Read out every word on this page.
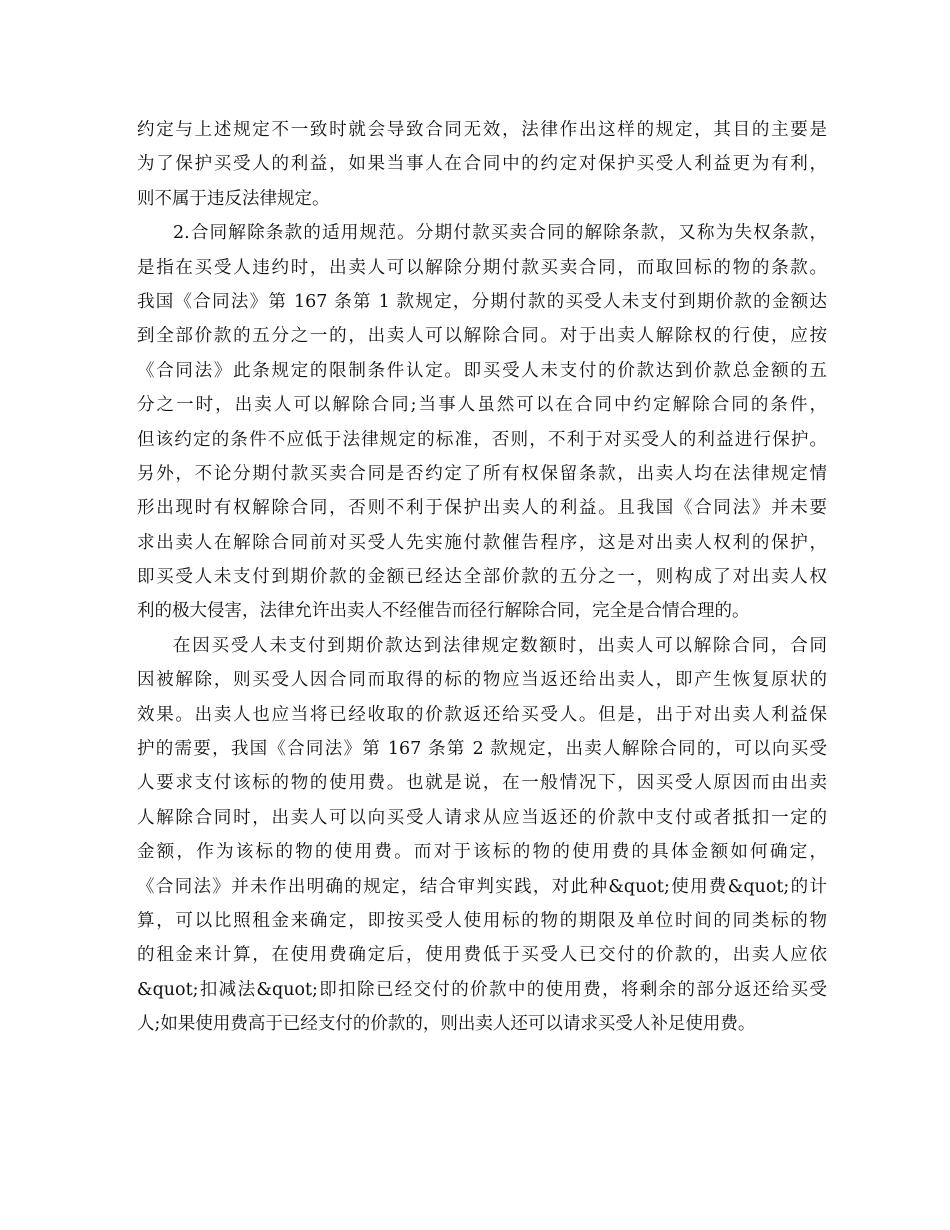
约定与上述规定不一致时就会导致合同无效，法律作出这样的规定，其目的主要是
为了保护买受人的利益，如果当事人在合同中的约定对保护买受人利益更为有利，
则不属于违反法律规定。
2.合同解除条款的适用规范。分期付款买卖合同的解除条款，又称为失权条款，
是指在买受人违约时，出卖人可以解除分期付款买卖合同，而取回标的物的条款。
我国《合同法》第 167 条第 1 款规定，分期付款的买受人未支付到期价款的金额达
到全部价款的五分之一的，出卖人可以解除合同。对于出卖人解除权的行使，应按
《合同法》此条规定的限制条件认定。即买受人未支付的价款达到价款总金额的五
分之一时，出卖人可以解除合同;当事人虽然可以在合同中约定解除合同的条件，
但该约定的条件不应低于法律规定的标准，否则，不利于对买受人的利益进行保护。
另外，不论分期付款买卖合同是否约定了所有权保留条款，出卖人均在法律规定情
形出现时有权解除合同，否则不利于保护出卖人的利益。且我国《合同法》并未要
求出卖人在解除合同前对买受人先实施付款催告程序，这是对出卖人权利的保护，
即买受人未支付到期价款的金额已经达全部价款的五分之一，则构成了对出卖人权
利的极大侵害，法律允许出卖人不经催告而径行解除合同，完全是合情合理的。
在因买受人未支付到期价款达到法律规定数额时，出卖人可以解除合同，合同
因被解除，则买受人因合同而取得的标的物应当返还给出卖人，即产生恢复原状的
效果。出卖人也应当将已经收取的价款返还给买受人。但是，出于对出卖人利益保
护的需要，我国《合同法》第 167 条第 2 款规定，出卖人解除合同的，可以向买受
人要求支付该标的物的使用费。也就是说，在一般情况下，因买受人原因而由出卖
人解除合同时，出卖人可以向买受人请求从应当返还的价款中支付或者抵扣一定的
金额，作为该标的物的使用费。而对于该标的物的使用费的具体金额如何确定，
《合同法》并未作出明确的规定，结合审判实践，对此种&quot;使用费&quot;的计
算，可以比照租金来确定，即按买受人使用标的物的期限及单位时间的同类标的物
的租金来计算，在使用费确定后，使用费低于买受人已交付的价款的，出卖人应依
&quot;扣减法&quot;即扣除已经交付的价款中的使用费，将剩余的部分返还给买受
人;如果使用费高于已经支付的价款的，则出卖人还可以请求买受人补足使用费。
